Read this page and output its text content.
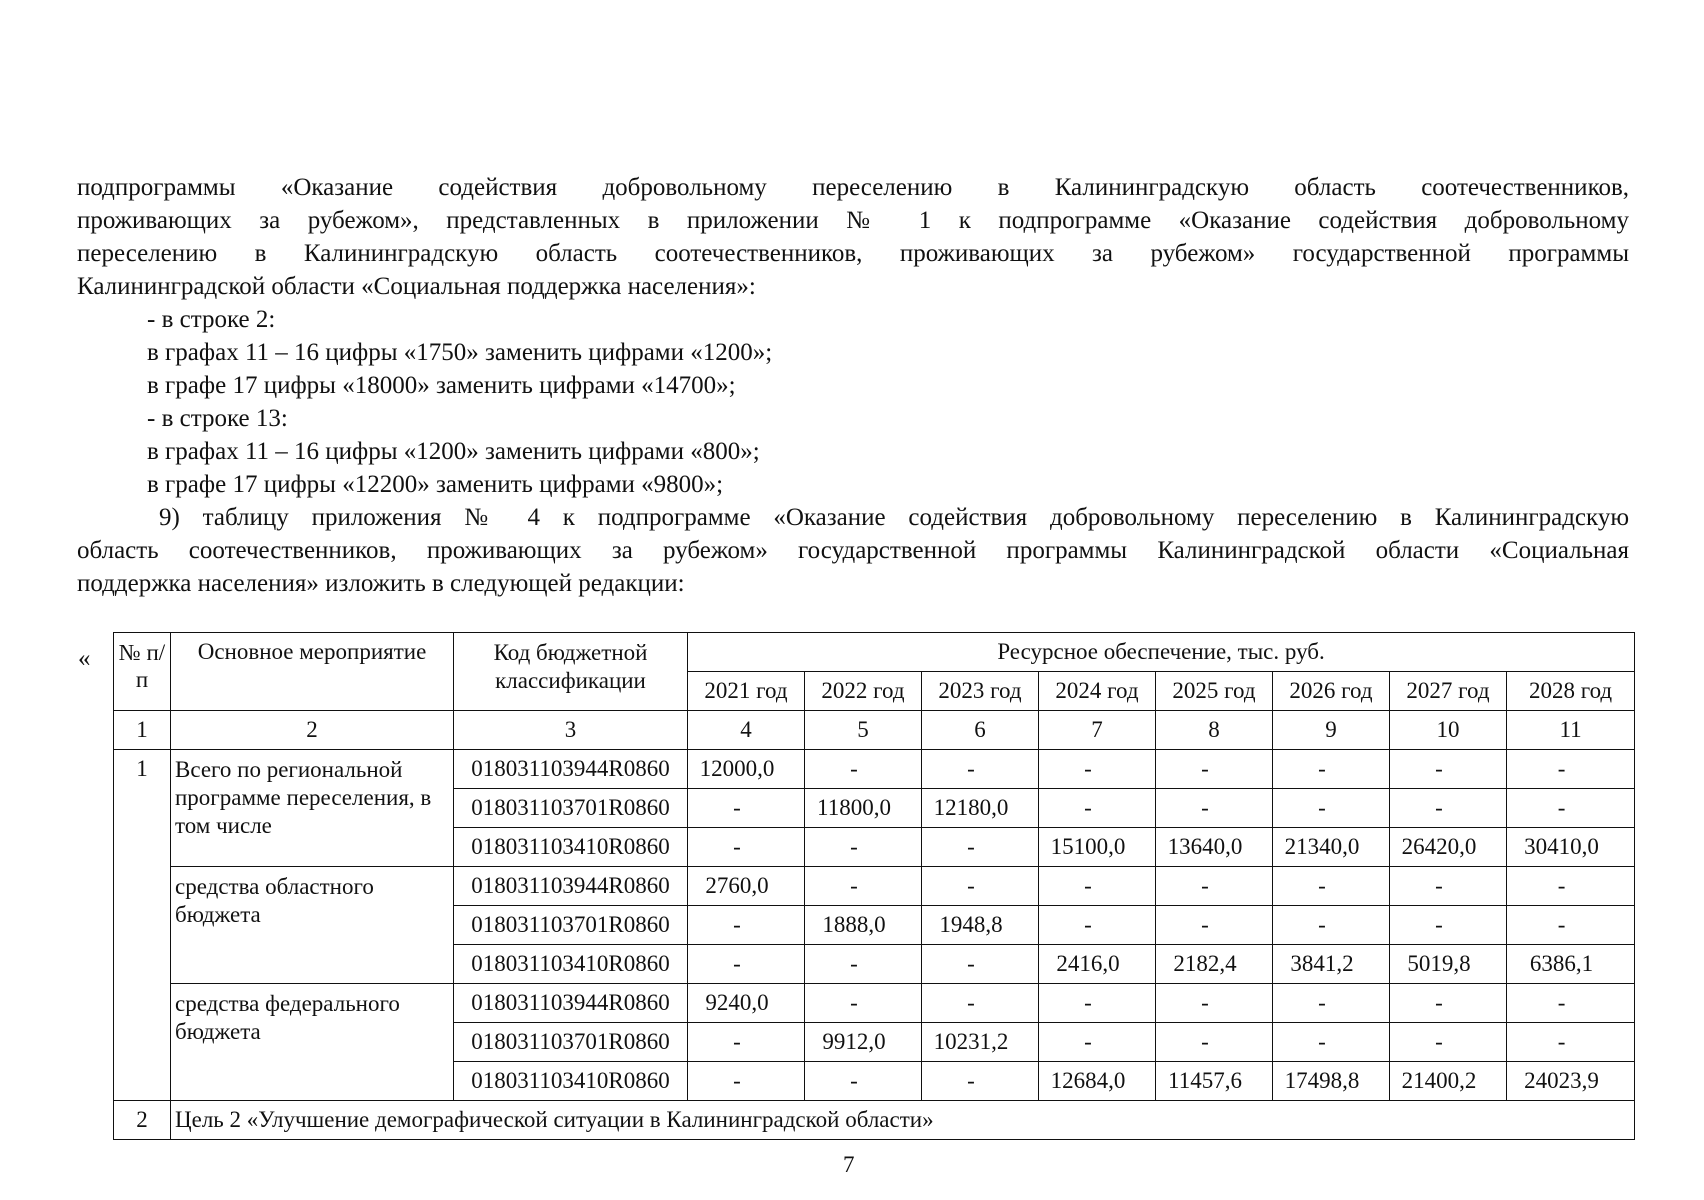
подпрограммы «Оказание содействия добровольному переселению в Калининградскую область соотечественников,
проживающих за рубежом», представленных в приложении № 1 к подпрограмме «Оказание содействия добровольному
переселению в Калининградскую область соотечественников, проживающих за рубежом» государственной программы
Калининградской области «Социальная поддержка населения»:
- в строке 2:
в графах 11 – 16 цифры «1750» заменить цифрами «1200»;
в графе 17 цифры «18000» заменить цифрами «14700»;
- в строке 13:
в графах 11 – 16 цифры «1200» заменить цифрами «800»;
в графе 17 цифры «12200» заменить цифрами «9800»;
9) таблицу приложения № 4 к подпрограмме «Оказание содействия добровольному переселению в Калининградскую
область соотечественников, проживающих за рубежом» государственной программы Калининградской области «Социальная
поддержка населения» изложить в следующей редакции:
« № п/п	Основное мероприятие	Код бюджетной классификации	Ресурсное обеспечение, тыс. руб.							
			2021 год	2022 год	2023 год	2024 год	2025 год	2026 год	2027 год	2028 год
1	2	3	4	5	6	7	8	9	10	11
1	Всего по региональной программе переселения, в том числе	018031103944R0860	12000,0	-	-	-	-	-	-	-
		018031103701R0860	-	11800,0	12180,0	-	-	-	-	-
		018031103410R0860	-	-	-	15100,0	13640,0	21340,0	26420,0	30410,0
	средства областного бюджета	018031103944R0860	2760,0	-	-	-	-	-	-	-
		018031103701R0860	-	1888,0	1948,8	-	-	-	-	-
		018031103410R0860	-	-	-	2416,0	2182,4	3841,2	5019,8	6386,1
	средства федерального бюджета	018031103944R0860	9240,0	-	-	-	-	-	-	-
		018031103701R0860	-	9912,0	10231,2	-	-	-	-	-
		018031103410R0860	-	-	-	12684,0	11457,6	17498,8	21400,2	24023,9
2	Цель 2 «Улучшение демографической ситуации в Калининградской области»									
7
